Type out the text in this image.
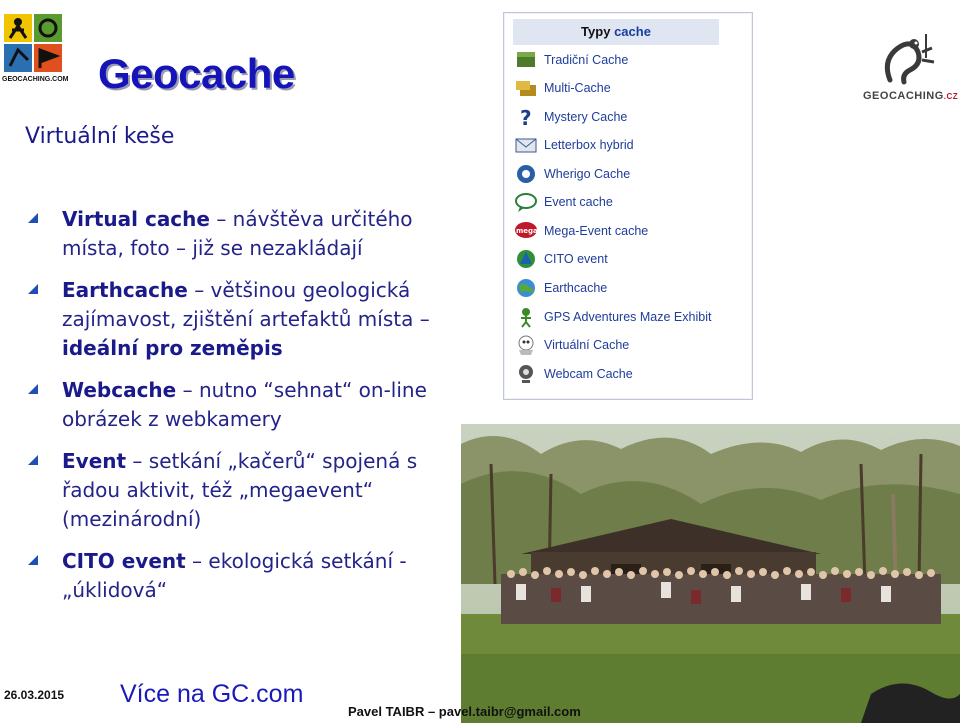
GEOCACHING.COM Geocache
Virtuální keše
Virtual cache – návštěva určitého místa, foto – již se nezakládají
Earthcache – většinou geologická zajímavost, zjištění artefaktů místa – ideální pro zeměpis
Webcache – nutno “sehnat“ on-line obrázek z webkamery
Event – setkání „kačerů“ spojená s řadou aktivit, též „megaevent“ (mezinárodní)
CITO event – ekologická setkání - „úklidová“
Typy cache
Tradiční Cache
Multi-Cache
? Mystery Cache
Letterbox hybrid
Wherigo Cache
Event cache
mega Mega-Event cache
CITO event
Earthcache
GPS Adventures Maze Exhibit
Virtuální Cache
Webcam Cache
GEOCACHING.CZ
26.03.2015 Více na GC.com
Pavel TAIBR – pavel.taibr@gmail.com
